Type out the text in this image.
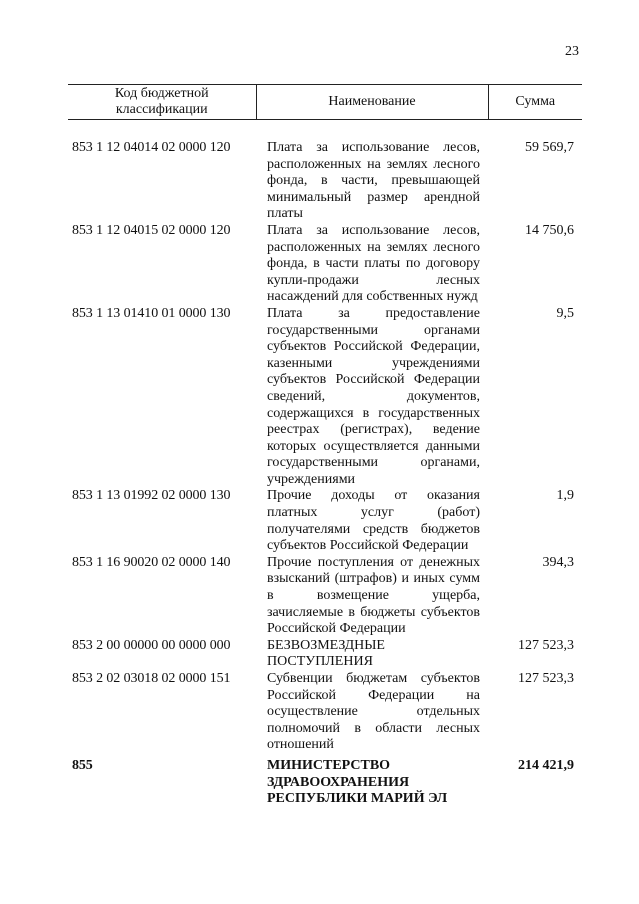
23
Код бюджетной классификации	Наименование	Сумма

853 1 12 04014 02 0000 120	Плата за использование лесов, расположенных на землях лесного фонда, в части, превышающей минимальный размер арендной платы	59 569,7
853 1 12 04015 02 0000 120	Плата за использование лесов, расположенных на землях лесного фонда, в части платы по договору купли-продажи лесных насаждений для собственных нужд	14 750,6
853 1 13 01410 01 0000 130	Плата за предоставление государственными органами субъектов Российской Федерации, казенными учреждениями субъектов Российской Федерации сведений, документов, содержащихся в государственных реестрах (регистрах), ведение которых осуществляется данными государственными органами, учреждениями	9,5
853 1 13 01992 02 0000 130	Прочие доходы от оказания платных услуг (работ) получателями средств бюджетов субъектов Российской Федерации	1,9
853 1 16 90020 02 0000 140	Прочие поступления от денежных взысканий (штрафов) и иных сумм в возмещение ущерба, зачисляемые в бюджеты субъектов Российской Федерации	394,3
853 2 00 00000 00 0000 000	БЕЗВОЗМЕЗДНЫЕ ПОСТУПЛЕНИЯ	127 523,3
853 2 02 03018 02 0000 151	Субвенции бюджетам субъектов Российской Федерации на осуществление отдельных полномочий в области лесных отношений	127 523,3
855	МИНИСТЕРСТВО ЗДРАВООХРАНЕНИЯ РЕСПУБЛИКИ МАРИЙ ЭЛ	214 421,9
